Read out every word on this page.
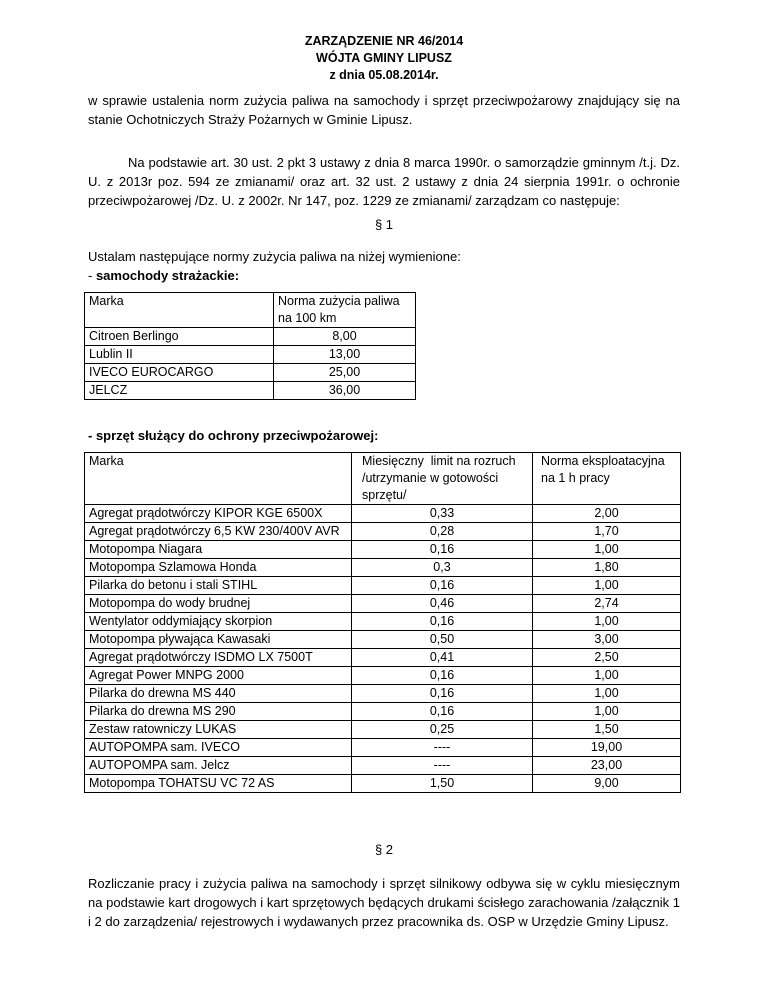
ZARZĄDZENIE NR 46/2014
WÓJTA GMINY LIPUSZ
z dnia 05.08.2014r.
w sprawie ustalenia norm zużycia paliwa na samochody i sprzęt przeciwpożarowy znajdujący się na stanie Ochotniczych Straży Pożarnych w Gminie Lipusz.
Na podstawie art. 30 ust. 2 pkt 3 ustawy z dnia 8 marca 1990r. o samorządzie gminnym /t.j. Dz. U. z 2013r poz. 594 ze zmianami/ oraz art. 32 ust. 2 ustawy z dnia 24 sierpnia 1991r. o ochronie przeciwpożarowej /Dz. U. z 2002r. Nr 147, poz. 1229 ze zmianami/ zarządzam co następuje:
§ 1
Ustalam następujące normy zużycia paliwa na niżej wymienione:
- samochody strażackie:
Marka	Norma zużycia paliwa na 100 km
Citroen Berlingo	8,00
Lublin II	13,00
IVECO EUROCARGO	25,00
JELCZ	36,00
- sprzęt służący do ochrony przeciwpożarowej:
Marka	Miesięczny  limit na rozruch /utrzymanie w gotowości sprzętu/	Norma eksploatacyjna na 1 h pracy
Agregat prądotwórczy KIPOR KGE 6500X	0,33	2,00
Agregat prądotwórczy 6,5 KW 230/400V AVR	0,28	1,70
Motopompa Niagara	0,16	1,00
Motopompa Szlamowa Honda	0,3	1,80
Pilarka do betonu i stali STIHL	0,16	1,00
Motopompa do wody brudnej	0,46	2,74
Wentylator oddymiający skorpion	0,16	1,00
Motopompa pływająca Kawasaki	0,50	3,00
Agregat prądotwórczy ISDMO LX 7500T	0,41	2,50
Agregat Power MNPG 2000	0,16	1,00
Pilarka do drewna MS 440	0,16	1,00
Pilarka do drewna MS 290	0,16	1,00
Zestaw ratowniczy LUKAS	0,25	1,50
AUTOPOMPA sam. IVECO	----	19,00
AUTOPOMPA sam. Jelcz	----	23,00
Motopompa TOHATSU VC 72 AS	1,50	9,00
§ 2
Rozliczanie pracy i zużycia paliwa na samochody i sprzęt silnikowy odbywa się w cyklu miesięcznym na podstawie kart drogowych i kart sprzętowych będących drukami ścisłego zarachowania /załącznik 1 i 2 do zarządzenia/ rejestrowych i wydawanych przez pracownika ds. OSP w Urzędzie Gminy Lipusz.
